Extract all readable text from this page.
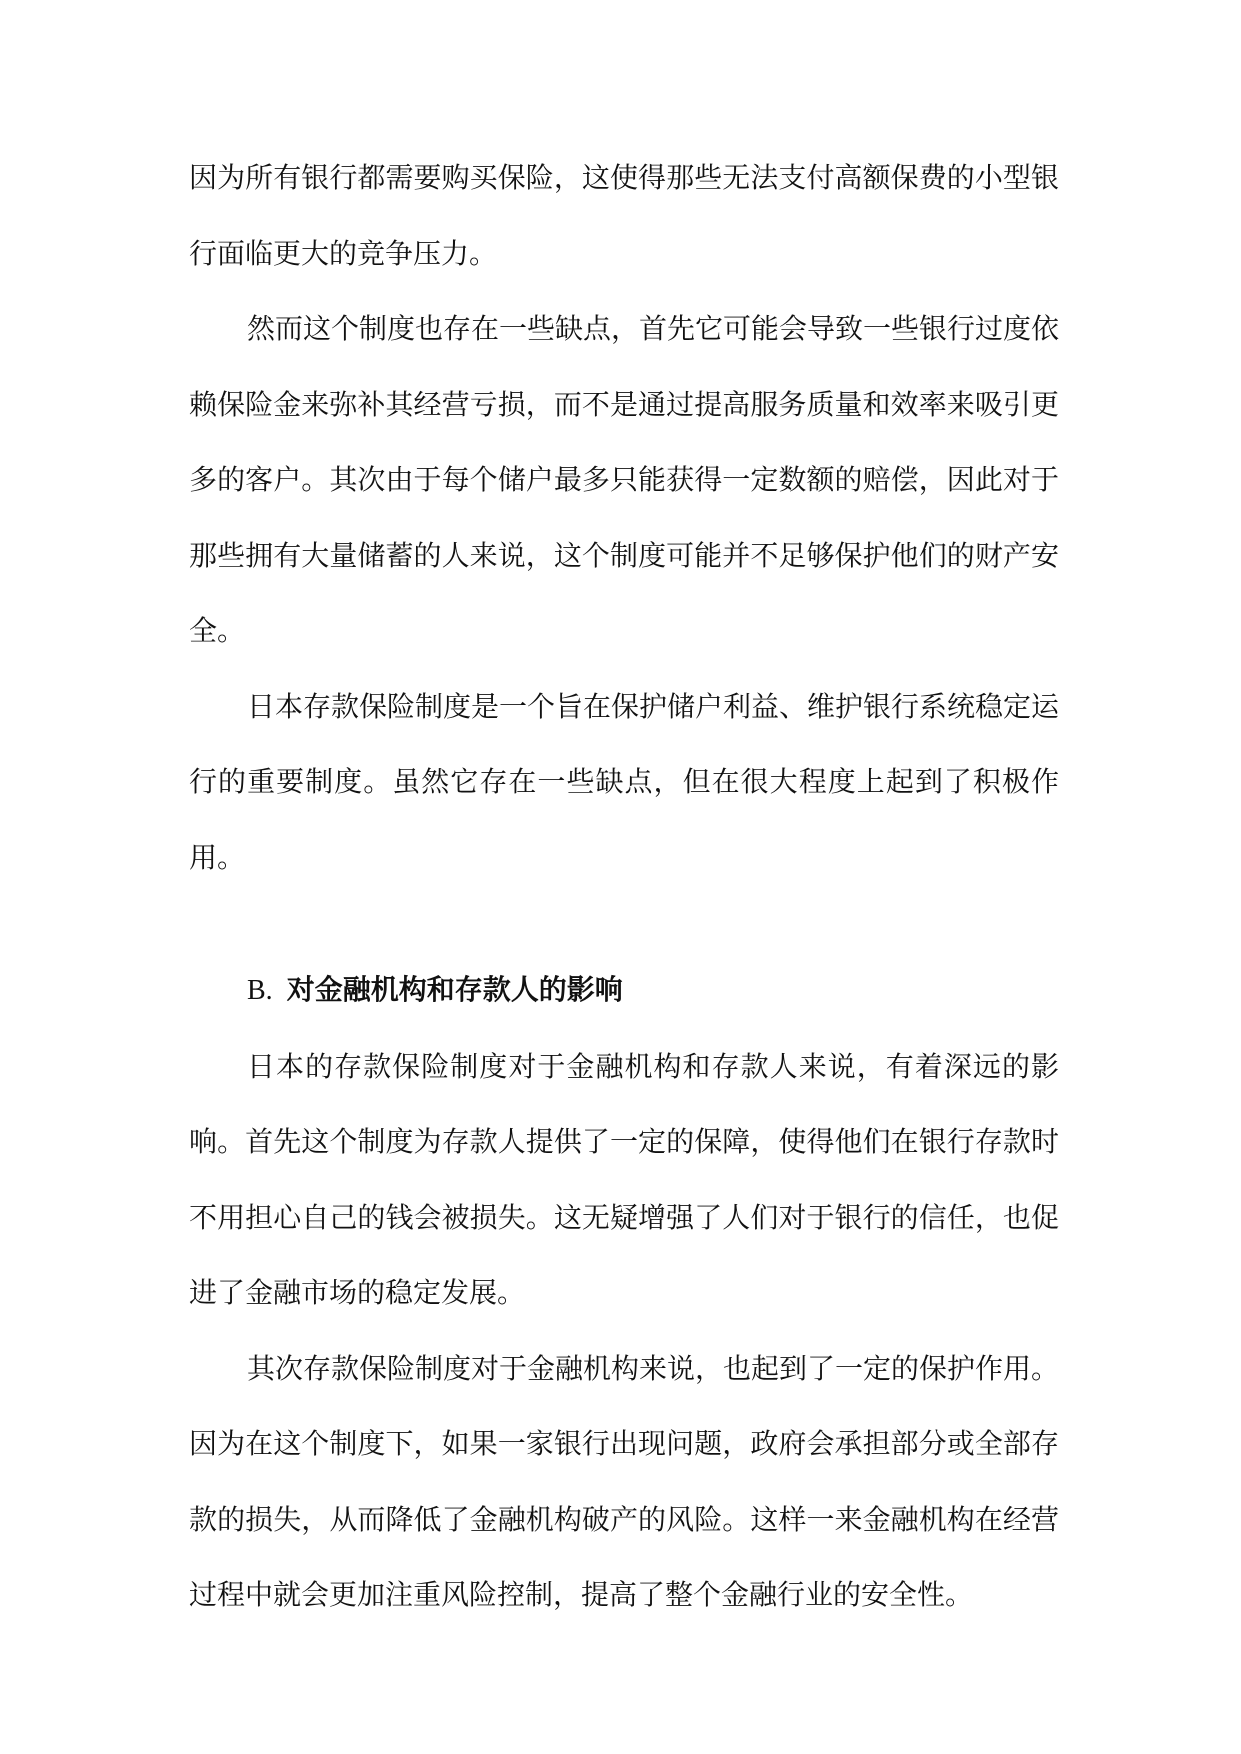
因为所有银行都需要购买保险，这使得那些无法支付高额保费的小型银行面临更大的竞争压力。

然而这个制度也存在一些缺点，首先它可能会导致一些银行过度依赖保险金来弥补其经营亏损，而不是通过提高服务质量和效率来吸引更多的客户。其次由于每个储户最多只能获得一定数额的赔偿，因此对于那些拥有大量储蓄的人来说，这个制度可能并不足够保护他们的财产安全。

日本存款保险制度是一个旨在保护储户利益、维护银行系统稳定运行的重要制度。虽然它存在一些缺点，但在很大程度上起到了积极作用。

B. 对金融机构和存款人的影响

日本的存款保险制度对于金融机构和存款人来说，有着深远的影响。首先这个制度为存款人提供了一定的保障，使得他们在银行存款时不用担心自己的钱会被损失。这无疑增强了人们对于银行的信任，也促进了金融市场的稳定发展。

其次存款保险制度对于金融机构来说，也起到了一定的保护作用。因为在这个制度下，如果一家银行出现问题，政府会承担部分或全部存款的损失，从而降低了金融机构破产的风险。这样一来金融机构在经营过程中就会更加注重风险控制，提高了整个金融行业的安全性。
